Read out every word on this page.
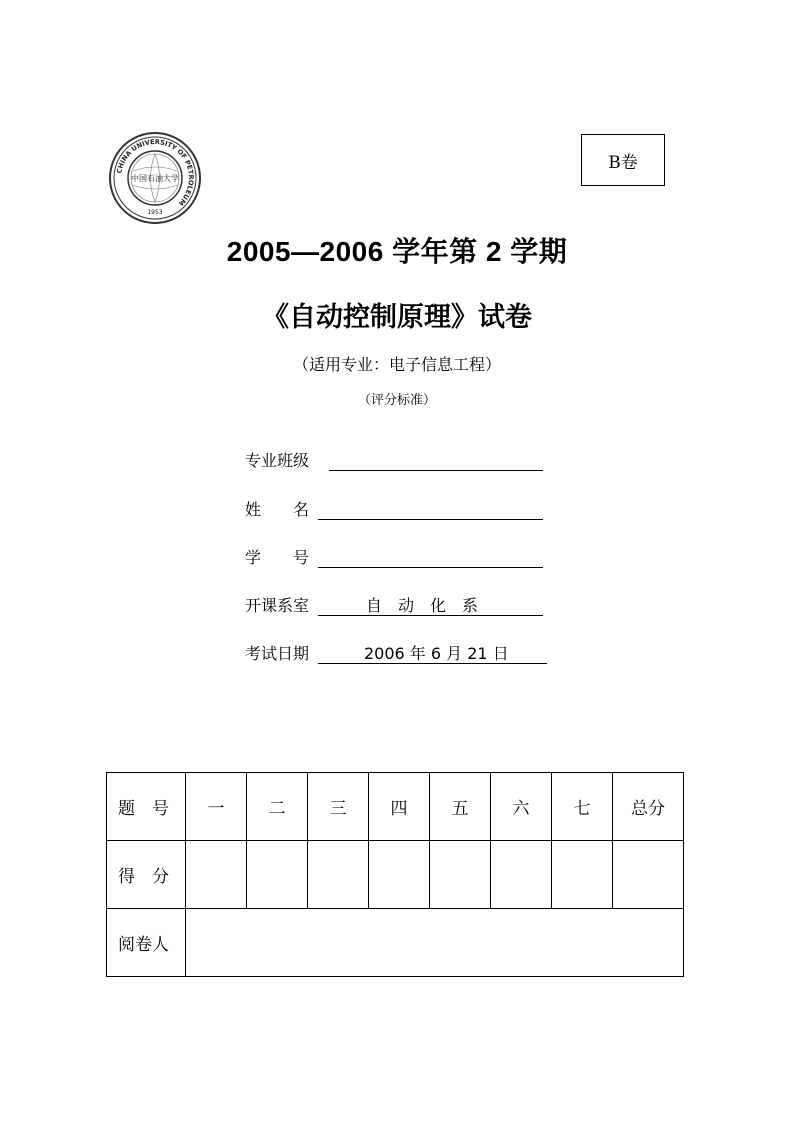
CHINA UNIVERSITY OF PETROLEUM
中国石油大学
1953
B卷
2005—2006 学年第 2 学期
《自动控制原理》试卷
（适用专业：电子信息工程）
（评分标准）
专业班级
姓　　名
学　　号
开课系室	自　动　化　系
考试日期	2006 年 6 月 21 日
题　号	一	二	三	四	五	六	七	总分
得　分								
阅卷人								
